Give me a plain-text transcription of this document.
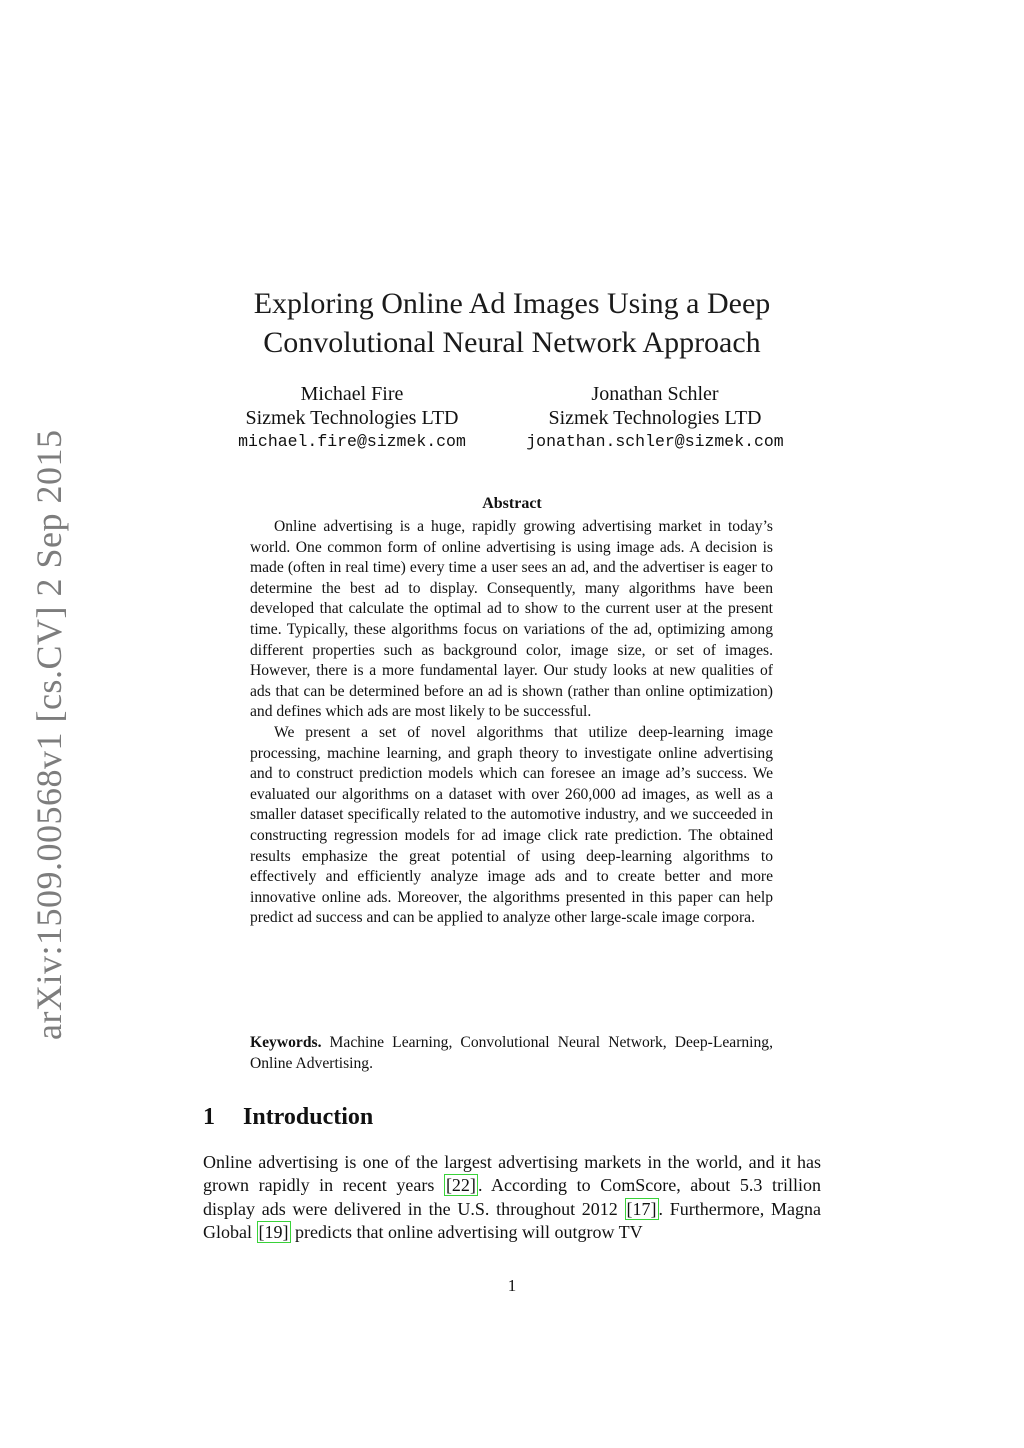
arXiv:1509.00568v1 [cs.CV] 2 Sep 2015
Exploring Online Ad Images Using a Deep
Convolutional Neural Network Approach
Michael Fire
Sizmek Technologies LTD
michael.fire@sizmek.com
Jonathan Schler
Sizmek Technologies LTD
jonathan.schler@sizmek.com
Abstract

Online advertising is a huge, rapidly growing advertising market in today’s world. One common form of online advertising is using image ads. A decision is made (often in real time) every time a user sees an ad, and the advertiser is eager to determine the best ad to display. Consequently, many algorithms have been developed that calculate the optimal ad to show to the current user at the present time. Typically, these algorithms focus on variations of the ad, optimizing among different properties such as background color, image size, or set of images. However, there is a more fundamental layer. Our study looks at new qualities of ads that can be determined before an ad is shown (rather than online optimization) and defines which ads are most likely to be successful.

We present a set of novel algorithms that utilize deep-learning image processing, machine learning, and graph theory to investigate online advertising and to construct prediction models which can foresee an image ad’s success. We evaluated our algorithms on a dataset with over 260,000 ad images, as well as a smaller dataset specifically related to the automotive industry, and we succeeded in constructing regression models for ad image click rate prediction. The obtained results emphasize the great potential of using deep-learning algorithms to effectively and efficiently analyze image ads and to create better and more innovative online ads. Moreover, the algorithms presented in this paper can help predict ad success and can be applied to analyze other large-scale image corpora.

Keywords. Machine Learning, Convolutional Neural Network, Deep-Learning, Online Advertising.
1 Introduction
Online advertising is one of the largest advertising markets in the world, and it has grown rapidly in recent years [22] . According to ComScore, about 5.3 trillion display ads were delivered in the U.S. throughout 2012 [17] . Furthermore, Magna Global [19] predicts that online advertising will outgrow TV
1
